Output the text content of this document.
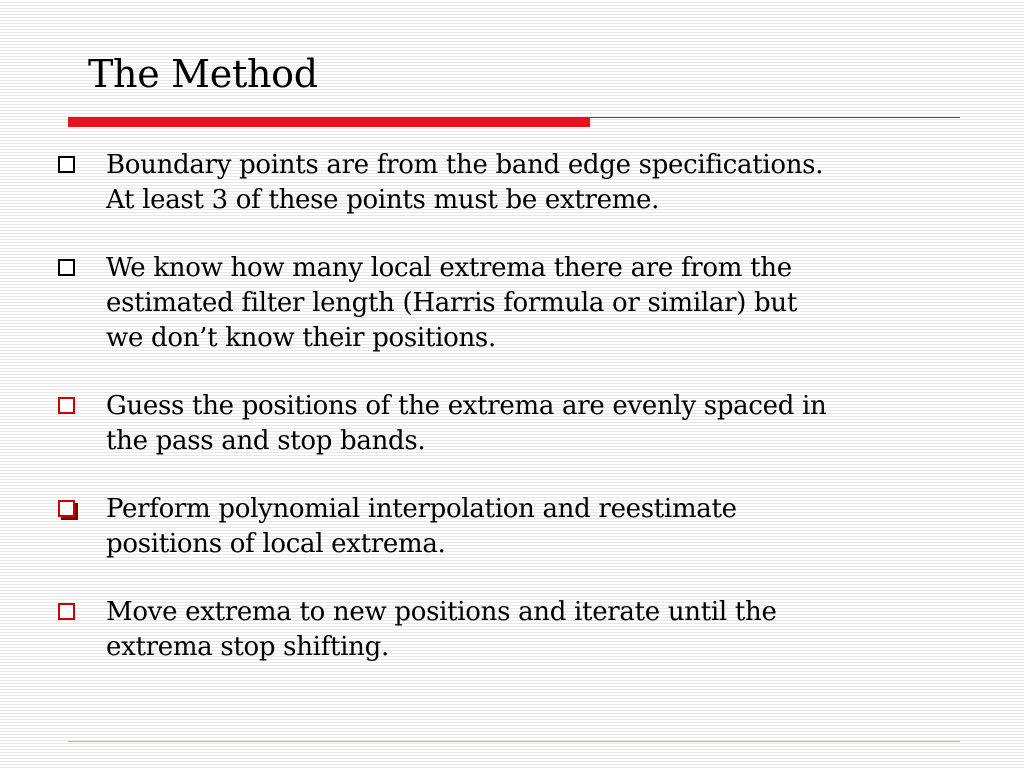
The Method
Boundary points are from the band edge specifications.
At least 3 of these points must be extreme.
We know how many local extrema there are from the
estimated filter length (Harris formula or similar) but
we don’t know their positions.
Guess the positions of the extrema are evenly spaced in
the pass and stop bands.
Perform polynomial interpolation and reestimate
positions of local extrema.
Move extrema to new positions and iterate until the
extrema stop shifting.
